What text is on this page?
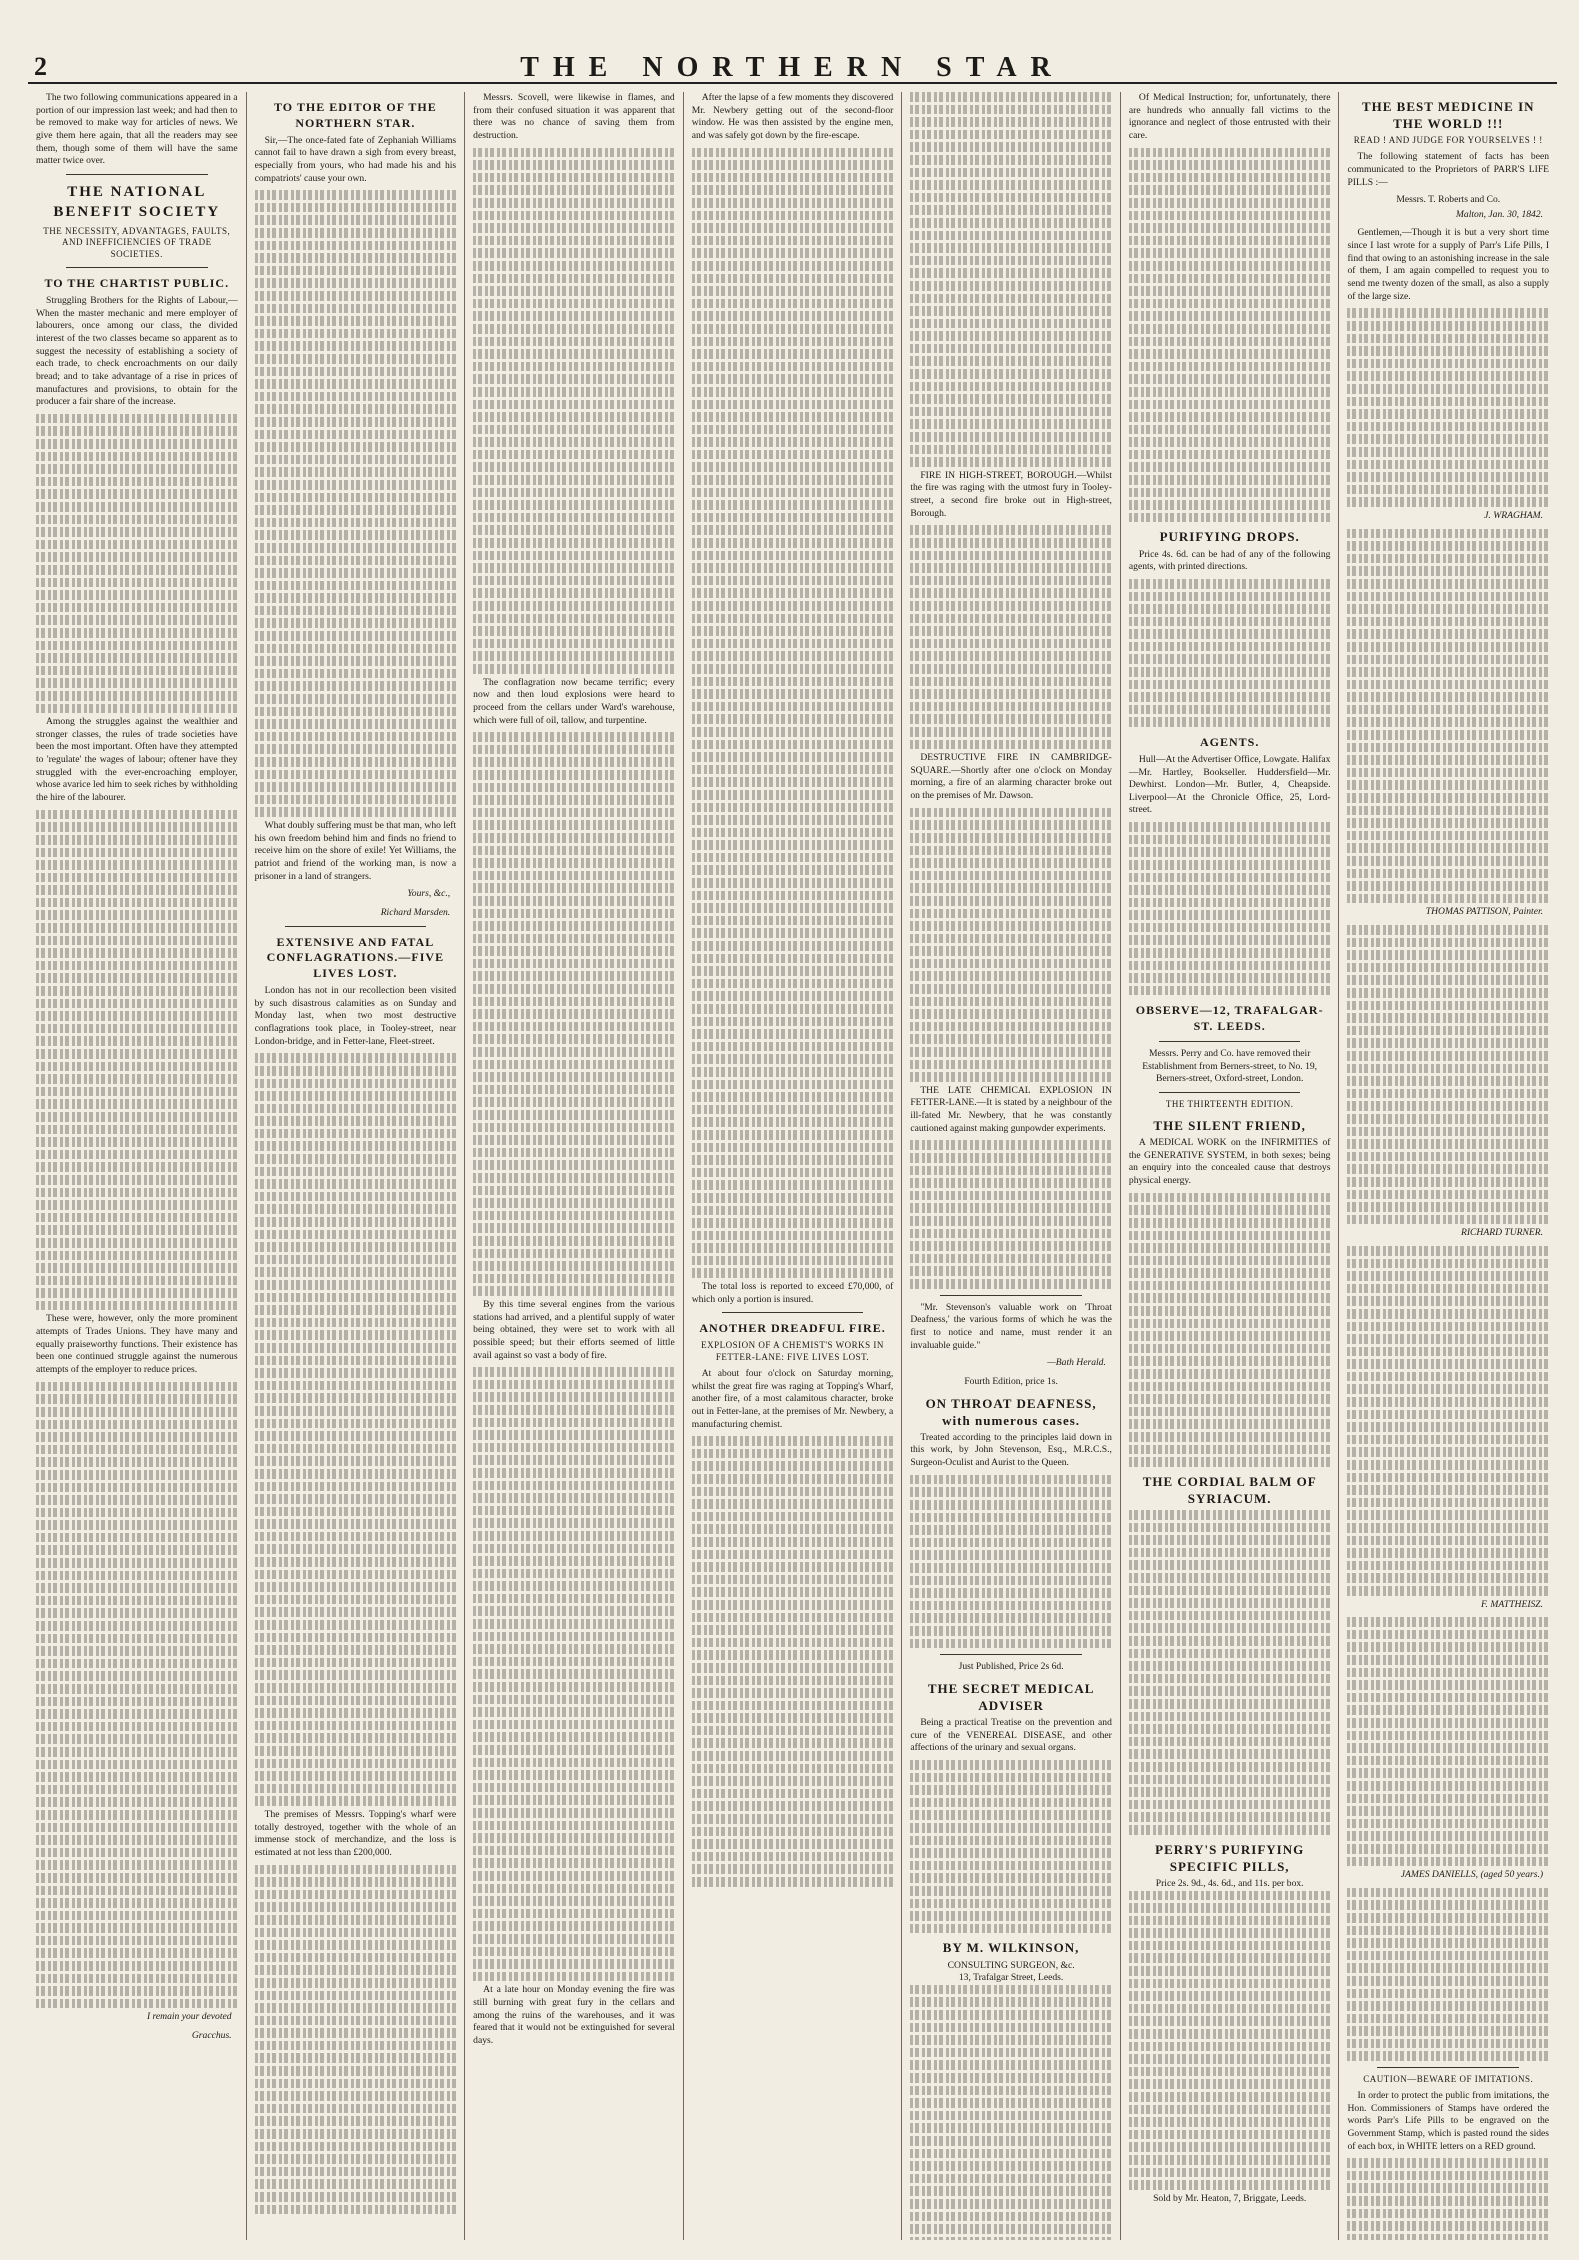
2	THE NORTHERN STAR

The two following communications appeared in a portion of our impression last week; and had then to be removed to make way for articles of news. We give them here again, that all the readers may see them, though some of them will have the same matter twice over.

THE NATIONAL BENEFIT SOCIETY
THE NECESSITY, ADVANTAGES, FAULTS, AND INEFFICIENCIES OF TRADE SOCIETIES.
TO THE CHARTIST PUBLIC.

Struggling Brothers for the Rights of Labour,—When the master mechanic and mere employer of labourers, once among our class, the divided interest of the two classes became so apparent as to suggest the necessity of establishing a society of each trade, to check encroachments on our daily bread; and to take advantage of a rise in prices of manufactures and provisions, to obtain for the producer a fair share of the increase.

Among the struggles against the wealthier and stronger classes, the rules of trade societies have been the most important. Often have they attempted to 'regulate' the wages of labour; oftener have they struggled with the ever-encroaching employer, whose avarice led him to seek riches by withholding the hire of the labourer.

These were, however, only the more prominent attempts of Trades Unions. They have many and equally praiseworthy functions. Their existence has been one continued struggle against the numerous attempts of the employer to reduce prices.

I remain your devoted
Gracchus.
TO THE EDITOR OF THE NORTHERN STAR.

Sir,—The once-fated fate of Zephaniah Williams cannot fail to have drawn a sigh from every breast, especially from yours, who had made his and his compatriots' cause your own.

What doubly suffering must be that man, who left his own freedom behind him and finds no friend to receive him on the shore of exile! Yet Williams, the patriot and friend of the working man, is now a prisoner in a land of strangers.

Yours, &c.,
Richard Marsden.
EXTENSIVE AND FATAL CONFLAGRATIONS.—FIVE LIVES LOST.

London has not in our recollection been visited by such disastrous calamities as on Sunday and Monday last, when two most destructive conflagrations took place, in Tooley-street, near London-bridge, and in Fetter-lane, Fleet-street.

The premises of Messrs. Topping's wharf were totally destroyed, together with the whole of an immense stock of merchandize, and the loss is estimated at not less than £200,000.

Messrs. Scovell, were likewise in flames, and from their confused situation it was apparent that there was no chance of saving them from destruction.

The conflagration now became terrific; every now and then loud explosions were heard to proceed from the cellars under Ward's warehouse, which were full of oil, tallow, and turpentine.

By this time several engines from the various stations had arrived, and a plentiful supply of water being obtained, they were set to work with all possible speed; but their efforts seemed of little avail against so vast a body of fire.

At a late hour on Monday evening the fire was still burning with great fury in the cellars and among the ruins of the warehouses, and it was feared that it would not be extinguished for several days.

After the lapse of a few moments they discovered Mr. Newbery getting out of the second-floor window. He was then assisted by the engine men, and was safely got down by the fire-escape.

The total loss is reported to exceed £70,000, of which only a portion is insured.

ANOTHER DREADFUL FIRE.
EXPLOSION OF A CHEMIST'S WORKS IN FETTER-LANE: FIVE LIVES LOST.

At about four o'clock on Saturday morning, whilst the great fire was raging at Topping's Wharf, another fire, of a most calamitous character, broke out in Fetter-lane, at the premises of Mr. Newbery, a manufacturing chemist.

FIRE IN HIGH-STREET, BOROUGH.—Whilst the fire was raging with the utmost fury in Tooley-street, a second fire broke out in High-street, Borough.

DESTRUCTIVE FIRE IN CAMBRIDGE-SQUARE.—Shortly after one o'clock on Monday morning, a fire of an alarming character broke out on the premises of Mr. Dawson.

THE LATE CHEMICAL EXPLOSION IN FETTER-LANE.—It is stated by a neighbour of the ill-fated Mr. Newbery, that he was constantly cautioned against making gunpowder experiments.

"Mr. Stevenson's valuable work on 'Throat Deafness,' the various forms of which he was the first to notice and name, must render it an invaluable guide."

—Bath Herald.
Fourth Edition, price 1s.
ON THROAT DEAFNESS, with numerous cases.

Treated according to the principles laid down in this work, by John Stevenson, Esq., M.R.C.S., Surgeon-Oculist and Aurist to the Queen.

Just Published, Price 2s 6d.
THE SECRET MEDICAL ADVISER

Being a practical Treatise on the prevention and cure of the VENEREAL DISEASE, and other affections of the urinary and sexual organs.

BY M. WILKINSON,
CONSULTING SURGEON, &c.
13, Trafalgar Street, Leeds.

Of Medical Instruction; for, unfortunately, there are hundreds who annually fall victims to the ignorance and neglect of those entrusted with their care.

PURIFYING DROPS.

Price 4s. 6d. can be had of any of the following agents, with printed directions.

AGENTS.

Hull—At the Advertiser Office, Lowgate. Halifax—Mr. Hartley, Bookseller. Huddersfield—Mr. Dewhirst. London—Mr. Butler, 4, Cheapside. Liverpool—At the Chronicle Office, 25, Lord-street.

OBSERVE—12, TRAFALGAR-ST. LEEDS.

Messrs. Perry and Co. have removed their Establishment from Berners-street, to No. 19, Berners-street, Oxford-street, London.

THE THIRTEENTH EDITION.
THE SILENT FRIEND,

A MEDICAL WORK on the INFIRMITIES of the GENERATIVE SYSTEM, in both sexes; being an enquiry into the concealed cause that destroys physical energy.

THE CORDIAL BALM OF SYRIACUM.
PERRY'S PURIFYING SPECIFIC PILLS,
Price 2s. 9d., 4s. 6d., and 11s. per box.
Sold by Mr. Heaton, 7, Briggate, Leeds.
THE BEST MEDICINE IN THE WORLD !!!
READ ! AND JUDGE FOR YOURSELVES ! !

The following statement of facts has been communicated to the Proprietors of PARR'S LIFE PILLS :—

Messrs. T. Roberts and Co.
Malton, Jan. 30, 1842.

Gentlemen,—Though it is but a very short time since I last wrote for a supply of Parr's Life Pills, I find that owing to an astonishing increase in the sale of them, I am again compelled to request you to send me twenty dozen of the small, as also a supply of the large size.

J. WRAGHAM.
THOMAS PATTISON, Painter.
RICHARD TURNER.
F. MATTHEISZ.
JAMES DANIELLS, (aged 50 years.)
CAUTION—BEWARE OF IMITATIONS.

In order to protect the public from imitations, the Hon. Commissioners of Stamps have ordered the words Parr's Life Pills to be engraved on the Government Stamp, which is pasted round the sides of each box, in WHITE letters on a RED ground.
